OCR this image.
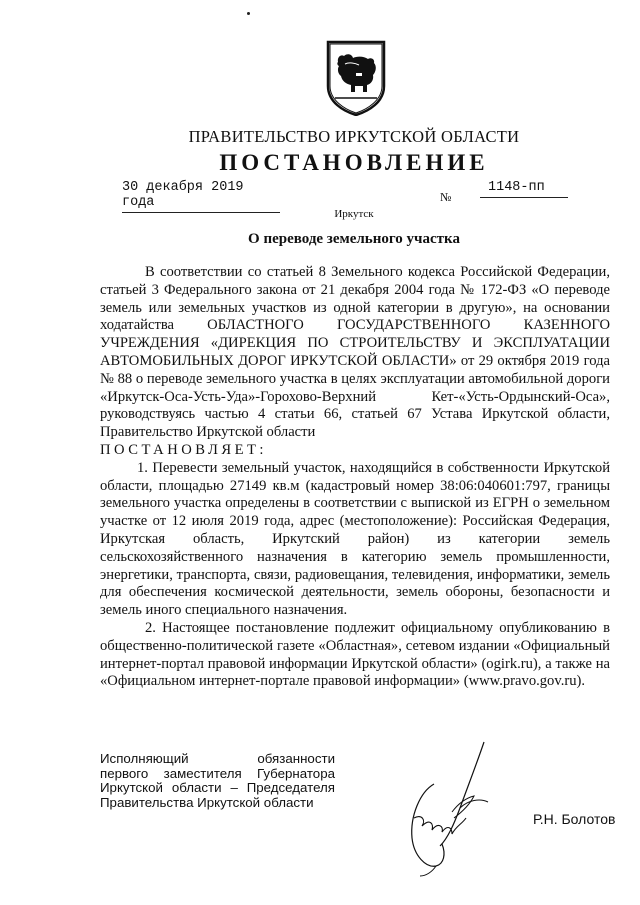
ПРАВИТЕЛЬСТВО ИРКУТСКОЙ ОБЛАСТИ
ПОСТАНОВЛЕНИЕ
30 декабря 2019 года	№
1148-пп
Иркутск
О переводе земельного участка

В соответствии со статьей 8 Земельного кодекса Российской Федерации, статьей 3 Федерального закона от 21 декабря 2004 года № 172-ФЗ «О переводе земель или земельных участков из одной категории в другую», на основании ходатайства ОБЛАСТНОГО ГОСУДАРСТВЕННОГО КАЗЕННОГО УЧРЕЖДЕНИЯ «ДИРЕКЦИЯ ПО СТРОИТЕЛЬСТВУ И ЭКСПЛУАТАЦИИ АВТОМОБИЛЬНЫХ ДОРОГ ИРКУТСКОЙ ОБЛАСТИ» от 29 октября 2019 года № 88 о переводе земельного участка в целях эксплуатации автомобильной дороги «Иркутск-Оса-Усть-Уда»-Горохово-Верхний Кет-«Усть-Ордынский-Оса», руководствуясь частью 4 статьи 66, статьей 67 Устава Иркутской области, Правительство Иркутской области

ПОСТАНОВЛЯЕТ:

1. Перевести земельный участок, находящийся в собственности Иркутской области, площадью 27149 кв.м (кадастровый номер 38:06:040601:797, границы земельного участка определены в соответствии с выпиской из ЕГРН о земельном участке от 12 июля 2019 года, адрес (местоположение): Российская Федерация, Иркутская область, Иркутский район) из категории земель сельскохозяйственного назначения в категорию земель промышленности, энергетики, транспорта, связи, радиовещания, телевидения, информатики, земель для обеспечения космической деятельности, земель обороны, безопасности и земель иного специального назначения.

2. Настоящее постановление подлежит официальному опубликованию в общественно-политической газете «Областная», сетевом издании «Официальный интернет-портал правовой информации Иркутской области» (ogirk.ru), а также на «Официальном интернет-портале правовой информации» (www.pravo.gov.ru).

Исполняющий обязанности
первого заместителя Губернатора
Иркутской области – Председателя
Правительства Иркутской области
Р.Н. Болотов
